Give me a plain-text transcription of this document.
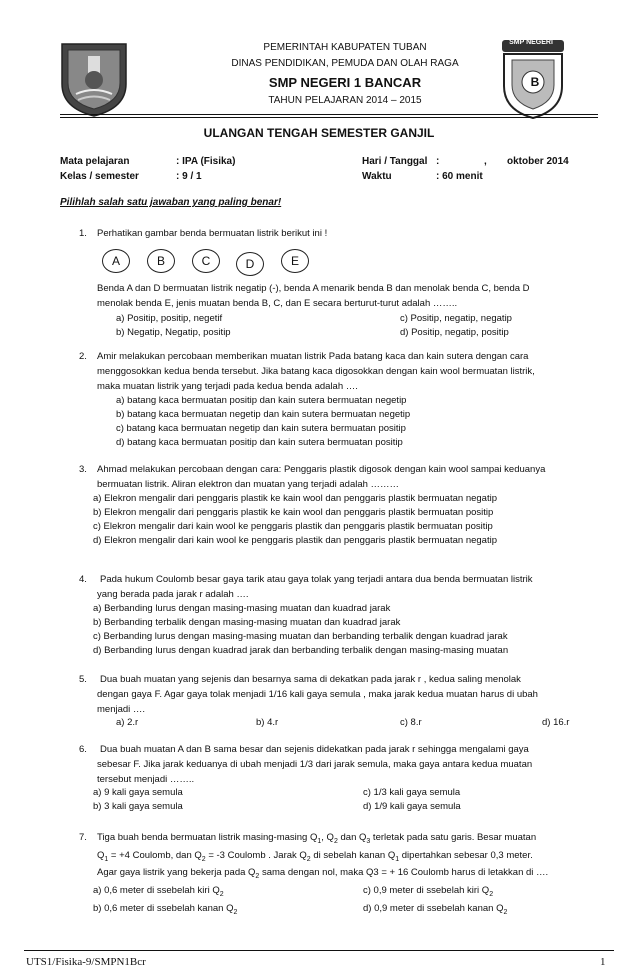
SMP NEGERI
B
PEMERINTAH KABUPATEN TUBAN
DINAS PENDIDIKAN, PEMUDA DAN OLAH RAGA
SMP NEGERI 1 BANCAR
TAHUN PELAJARAN 2014 – 2015
ULANGAN TENGAH SEMESTER GANJIL
Mata pelajaran	: IPA (Fisika)
Kelas / semester	: 9 / 1
Hari / Tanggal :	, oktober 2014
Waktu	: 60 menit
Pilihlah salah satu jawaban yang paling benar!
1. Perhatikan gambar benda bermuatan listrik berikut ini !
A	B	C	D	E
Benda A dan D bermuatan listrik negatip (-), benda A menarik benda B dan menolak benda C, benda D
menolak benda E, jenis muatan benda B, C, dan E secara berturut-turut adalah ……..
a) Positip, positip, negetif
b) Negatip, Negatip, positip
c) Positip, negatip, negatip
d) Positip, negatip, positip
2. Amir melakukan percobaan memberikan muatan listrik Pada batang kaca dan kain sutera dengan cara
menggosokkan kedua benda tersebut. Jika batang kaca digosokkan dengan kain wool bermuatan listrik,
maka muatan listrik yang terjadi pada kedua benda adalah ….
a) batang kaca bermuatan positip dan kain sutera bermuatan negetip
b) batang kaca bermuatan negetip dan kain sutera bermuatan negetip
c) batang kaca bermuatan negetip dan kain sutera bermuatan positip
d) batang kaca bermuatan positip dan kain sutera bermuatan positip
3. Ahmad melakukan percobaan dengan cara: Penggaris plastik digosok dengan kain wool sampai keduanya
bermuatan listrik. Aliran elektron dan muatan yang terjadi adalah ………
a) Elekron mengalir dari penggaris plastik ke kain wool dan penggaris plastik bermuatan negatip
b) Elekron mengalir dari penggaris plastik ke kain wool dan penggaris plastik bermuatan positip
c) Elekron mengalir dari kain wool ke penggaris plastik dan penggaris plastik bermuatan positip
d) Elekron mengalir dari kain wool ke penggaris plastik dan penggaris plastik bermuatan negatip
4. Pada hukum Coulomb besar gaya tarik atau gaya tolak yang terjadi antara dua benda bermuatan listrik
yang berada pada jarak r adalah ….
a) Berbanding lurus dengan masing-masing muatan dan kuadrad jarak
b) Berbanding terbalik dengan masing-masing muatan dan kuadrad jarak
c) Berbanding lurus dengan masing-masing muatan dan berbanding terbalik dengan kuadrad jarak
d) Berbanding lurus dengan kuadrad jarak dan berbanding terbalik dengan masing-masing muatan
5. Dua buah muatan yang sejenis dan besarnya sama di dekatkan pada jarak r , kedua saling menolak
dengan gaya F. Agar gaya tolak menjadi 1/16 kali gaya semula , maka jarak kedua muatan harus di ubah
menjadi ….
a) 2.r	b) 4.r	c) 8.r	d) 16.r
6. Dua buah muatan A dan B sama besar dan sejenis didekatkan pada jarak r sehingga mengalami gaya
sebesar F. Jika jarak keduanya di ubah menjadi 1/3 dari jarak semula, maka gaya antara kedua muatan
tersebut menjadi ……..
a) 9 kali gaya semula
b) 3 kali gaya semula
c) 1/3 kali gaya semula
d) 1/9 kali gaya semula
7. Tiga buah benda bermuatan listrik masing-masing $Q_1$, $Q_2$ dan $Q_3$ terletak pada satu garis. Besar muatan
$Q_1 = +4$ Coulomb, dan $Q_2 = -3$ Coulomb . Jarak $Q_2$ di sebelah kanan $Q_1$ dipertahkan sebesar 0,3 meter.
Agar gaya listrik yang bekerja pada $Q_2$ sama dengan nol, maka Q3 = + 16 Coulomb harus di letakkan di ….
a) 0,6 meter di ssebelah kiri $Q_2$
b) 0,6 meter di ssebelah kanan $Q_2$
c) 0,9 meter di ssebelah kiri $Q_2$
d) 0,9 meter di ssebelah kanan $Q_2$
UTS1/Fisika-9/SMPN1Bcr	1
